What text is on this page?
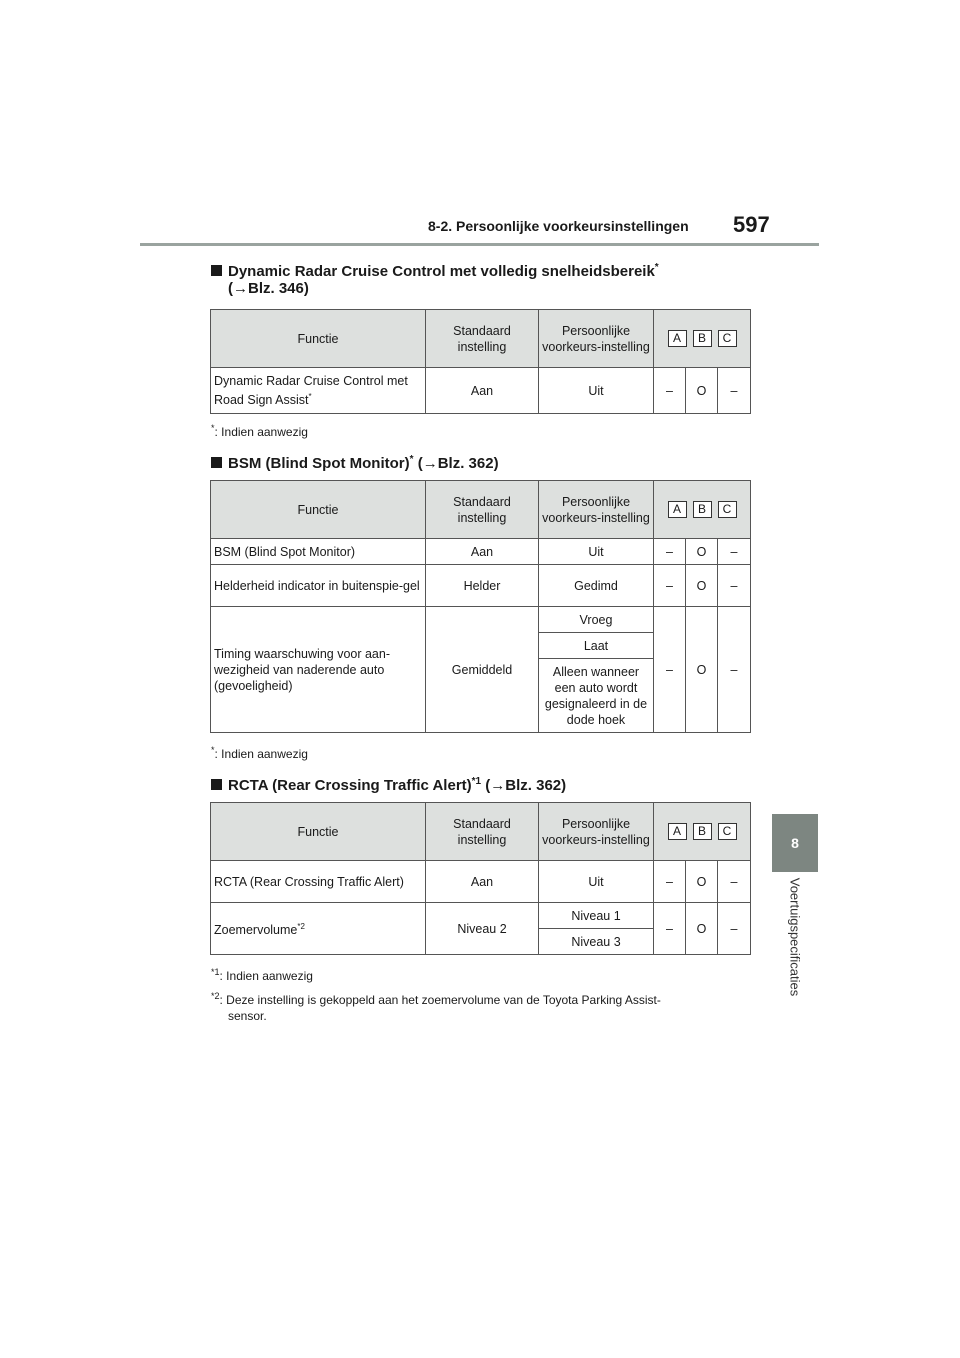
8-2. Persoonlijke voorkeursinstellingen 597
8
Voertuigspecificaties
Dynamic Radar Cruise Control met volledig snelheidsbereik*
(→Blz. 346)
Functie	Standaard instelling	Persoonlijke voorkeurs-instelling	A B C		
Dynamic Radar Cruise Control met Road Sign Assist*	Aan	Uit	–	O	–
*: Indien aanwezig
BSM (Blind Spot Monitor)* (→Blz. 362)
Functie	Standaard instelling	Persoonlijke voorkeurs-instelling	A B C		
BSM (Blind Spot Monitor)	Aan	Uit	–	O	–
Helderheid indicator in buitenspie-gel	Helder	Gedimd	–	O	–
Timing waarschuwing voor aan-wezigheid van naderende auto (gevoeligheid)	Gemiddeld	Vroeg	–	O	–
		Laat			
		Alleen wanneer een auto wordt gesignaleerd in de dode hoek			
*: Indien aanwezig
RCTA (Rear Crossing Traffic Alert)$^{*1}$ (→Blz. 362)
Functie	Standaard instelling	Persoonlijke voorkeurs-instelling	A B C		
RCTA (Rear Crossing Traffic Alert)	Aan	Uit	–	O	–
Zoemervolume$^{*2}$	Niveau 2	Niveau 1	–	O	–
		Niveau 3			
$^{*1}$: Indien aanwezig
$^{*2}$: Deze instelling is gekoppeld aan het zoemervolume van de Toyota Parking Assist-
sensor.
